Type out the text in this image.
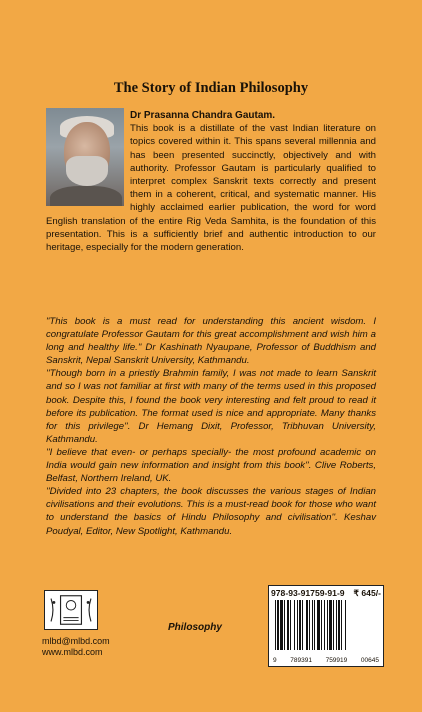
The Story of Indian Philosophy
Dr Prasanna Chandra Gautam.
This book is a distillate of the vast Indian literature on topics covered within it. This spans several millennia and has been presented succinctly, objectively and with authority. Professor Gautam is particularly qualified to interpret complex Sanskrit texts correctly and present them in a coherent, critical, and systematic manner. His highly acclaimed earlier publication, the word for word English translation of the entire Rig Veda Samhita, is the foundation of this presentation. This is a sufficiently brief and authentic introduction to our heritage, especially for the modern generation.

"This book is a must read for understanding this ancient wisdom. I congratulate Professor Gautam for this great accomplishment and wish him a long and healthy life.'' Dr Kashinath Nyaupane, Professor of Buddhism and Sanskrit, Nepal Sanskrit University, Kathmandu.

''Though born in a priestly Brahmin family, I was not made to learn Sanskrit and so I was not familiar at first with many of the terms used in this proposed book. Despite this, I found the book very interesting and felt proud to read it before its publication. The format used is nice and appropriate. Many thanks for this privilege''. Dr Hemang Dixit, Professor, Tribhuvan University, Kathmandu.

''I believe that even- or perhaps specially- the most profound academic on India would gain new information and insight from this book''. Clive Roberts, Belfast, Northern Ireland, UK.

''Divided into 23 chapters, the book discusses the various stages of Indian civilisations and their evolutions. This is a must-read book for those who want to understand the basics of Hindu Philosophy and civilisation''. Keshav Poudyal, Editor, New Spotlight, Kathmandu.

mlbd@mlbd.com
www.mlbd.com
Philosophy
978-93-91759-91-9 ₹ 645/-
9 789391 759919 00645
